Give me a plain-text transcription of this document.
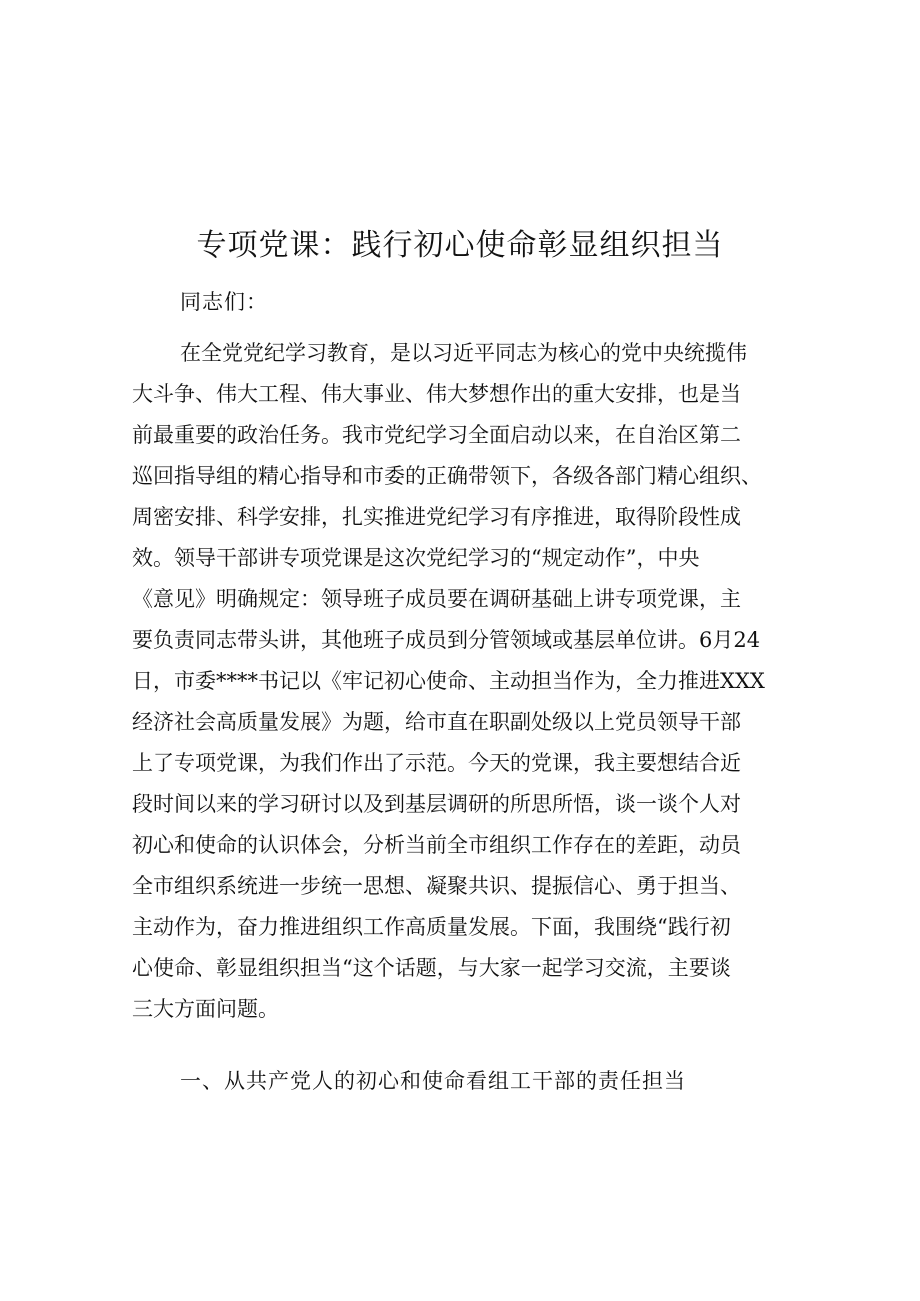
专项党课：践行初心使命彰显组织担当
同志们：
在全党党纪学习教育，是以习近平同志为核心的党中央统揽伟
大斗争、伟大工程、伟大事业、伟大梦想作出的重大安排，也是当
前最重要的政治任务。我市党纪学习全面启动以来，在自治区第二
巡回指导组的精心指导和市委的正确带领下，各级各部门精心组织、
周密安排、科学安排，扎实推进党纪学习有序推进，取得阶段性成
效。领导干部讲专项党课是这次党纪学习的“规定动作”，中央
《意见》明确规定：领导班子成员要在调研基础上讲专项党课，主
要负责同志带头讲，其他班子成员到分管领域或基层单位讲。6月24
日，市委****书记以《牢记初心使命、主动担当作为，全力推进XXX
经济社会高质量发展》为题，给市直在职副处级以上党员领导干部
上了专项党课，为我们作出了示范。今天的党课，我主要想结合近
段时间以来的学习研讨以及到基层调研的所思所悟，谈一谈个人对
初心和使命的认识体会，分析当前全市组织工作存在的差距，动员
全市组织系统进一步统一思想、凝聚共识、提振信心、勇于担当、
主动作为，奋力推进组织工作高质量发展。下面，我围绕“践行初
心使命、彰显组织担当“这个话题，与大家一起学习交流，主要谈
三大方面问题。
一、从共产党人的初心和使命看组工干部的责任担当
